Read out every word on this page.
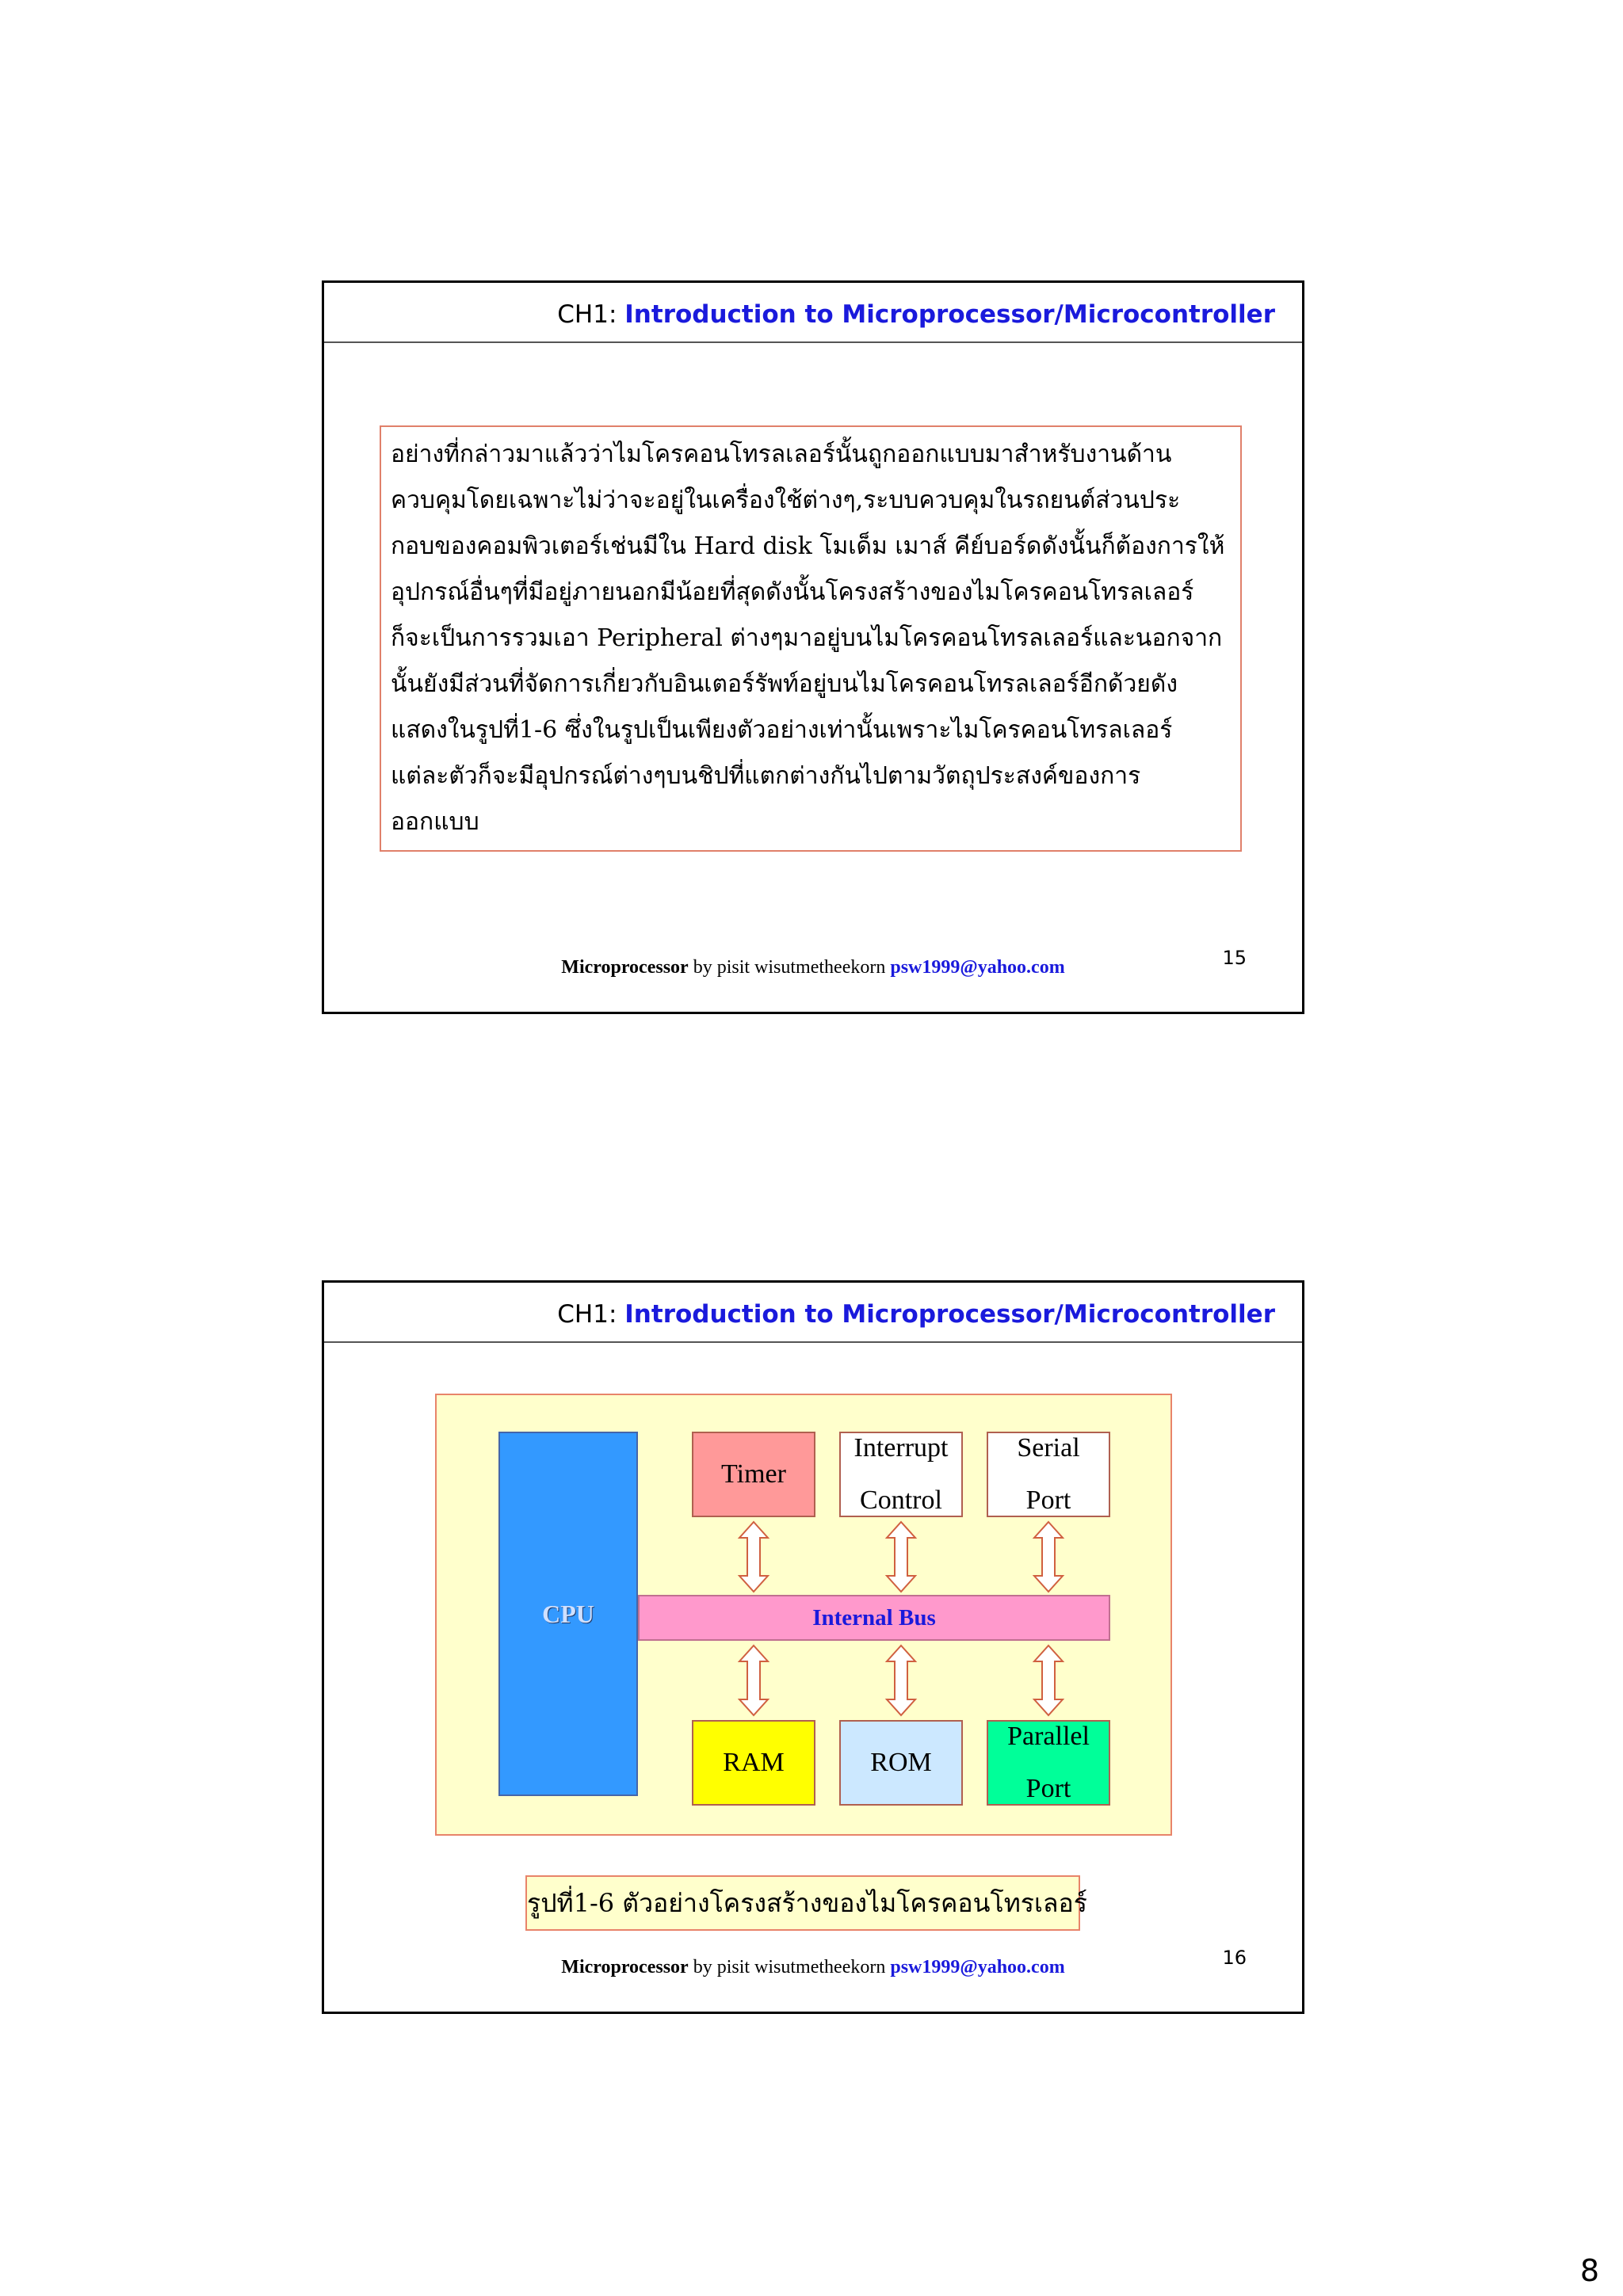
CH1: Introduction to Microprocessor/Microcontroller
อย่างที่กล่าวมาแล้วว่าไมโครคอนโทรลเลอร์นั้นถูกออกแบบมาสำหรับงานด้าน
ควบคุมโดยเฉพาะไม่ว่าจะอยู่ในเครื่องใช้ต่างๆ,ระบบควบคุมในรถยนต์ส่วนประ
กอบของคอมพิวเตอร์เช่นมีใน Hard disk โมเด็ม เมาส์ คีย์บอร์ดดังนั้นก็ต้องการให้
อุปกรณ์อื่นๆที่มีอยู่ภายนอกมีน้อยที่สุดดังนั้นโครงสร้างของไมโครคอนโทรลเลอร์
ก็จะเป็นการรวมเอา Peripheral ต่างๆมาอยู่บนไมโครคอนโทรลเลอร์และนอกจาก
นั้นยังมีส่วนที่จัดการเกี่ยวกับอินเตอร์รัพท์อยู่บนไมโครคอนโทรลเลอร์อีกด้วยดัง
แสดงในรูปที่1-6 ซึ่งในรูปเป็นเพียงตัวอย่างเท่านั้นเพราะไมโครคอนโทรลเลอร์
แต่ละตัวก็จะมีอุปกรณ์ต่างๆบนชิปที่แตกต่างกันไปตามวัตถุประสงค์ของการ
ออกแบบ
Microprocessor by pisit wisutmetheekorn psw1999@yahoo.com	15
CH1: Introduction to Microprocessor/Microcontroller
CPU	Internal Bus
Timer
Interrupt
Control
Serial
Port
RAM	ROM
Parallel
Port
รูปที่1-6 ตัวอย่างโครงสร้างของไมโครคอนโทรเลอร์
Microprocessor by pisit wisutmetheekorn psw1999@yahoo.com	16
8
